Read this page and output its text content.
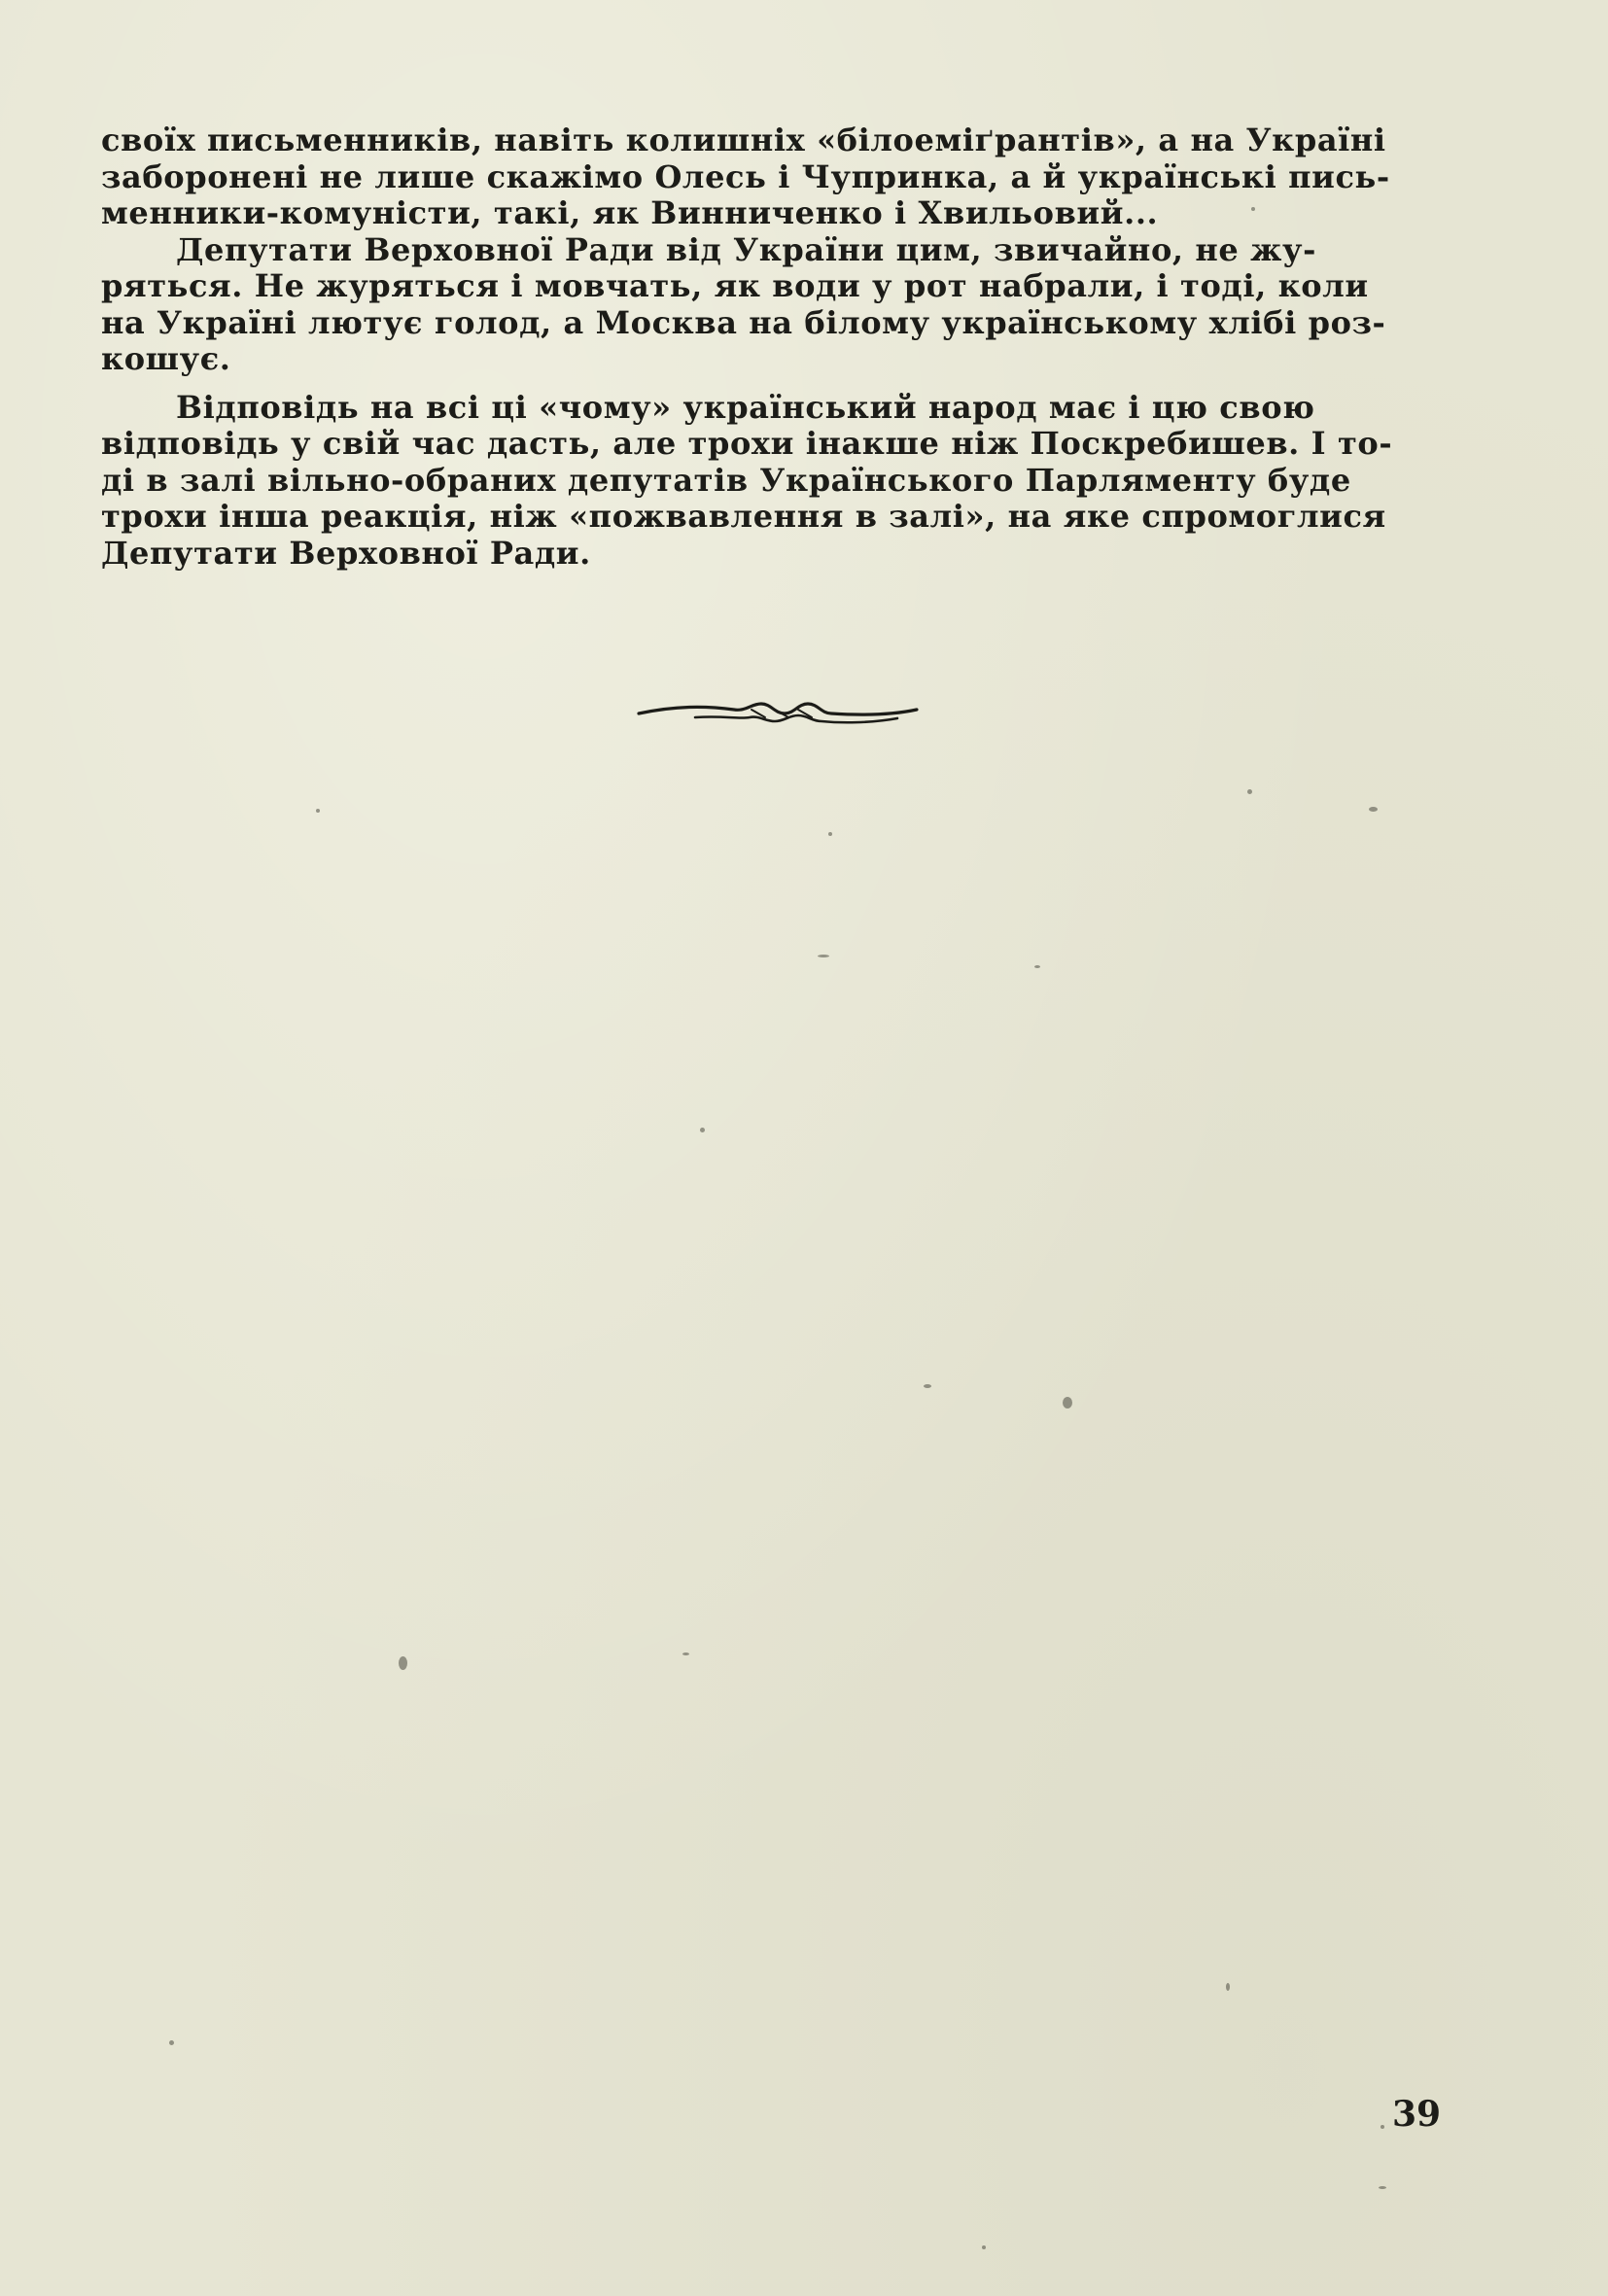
своїх письменників, навіть колишніх «білоеміґрантів», а на Україні
заборонені не лише скажімо Олесь і Чупринка, а й українські пись-
менники-комуністи, такі, як Винниченко і Хвильовий...

Депутати Верховної Ради від України цим, звичайно, не жу-
ряться. Не журяться і мовчать, як води у рот набрали, і тоді, коли
на Україні лютує голод, а Москва на білому українському хлібі роз-
кошує.

Відповідь на всі ці «чому» український народ має і цю свою
відповідь у свій час дасть, але трохи інакше ніж Поскребишев. І то-
ді в залі вільно-обраних депутатів Українського Парляменту буде
трохи інша реакція, ніж «пожвавлення в залі», на яке спромоглися
Депутати Верховної Ради.

39
